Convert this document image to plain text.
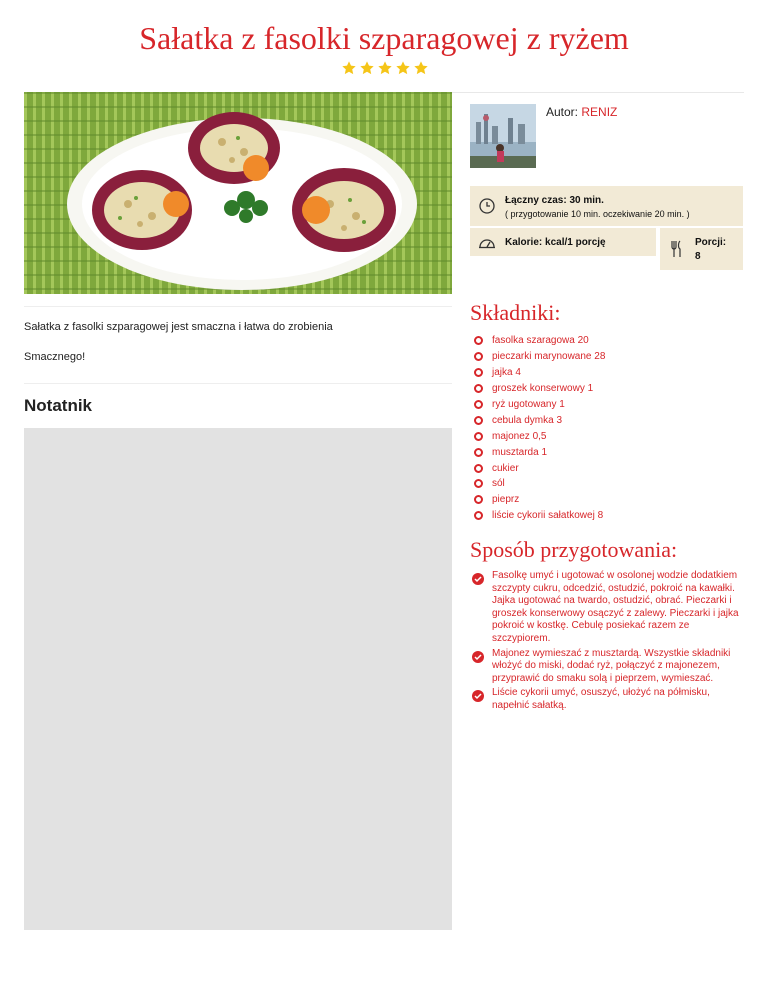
Sałatka z fasolki szparagowej z ryżem
Sałatka z fasolki szparagowej jest smaczna i łatwa do zrobienia
Smacznego!
Notatnik
Autor: RENIZ
Łączny czas: 30 min.
( przygotowanie 10 min. oczekiwanie 20 min. )
Kalorie: kcal/1 porcję	Porcji:
8
Składniki:
fasolka szaragowa 20
pieczarki marynowane 28
jajka 4
groszek konserwowy 1
ryż ugotowany 1
cebula dymka 3
majonez 0,5
musztarda 1
cukier
sól
pieprz
liście cykorii sałatkowej 8
Sposób przygotowania:
Fasolkę umyć i ugotować w osolonej wodzie dodatkiem szczypty cukru, odcedzić, ostudzić, pokroić na kawałki. Jajka ugotować na twardo, ostudzić, obrać. Pieczarki i groszek konserwowy osączyć z zalewy. Pieczarki i jajka pokroić w kostkę. Cebulę posiekać razem ze szczypiorem.
Majonez wymieszać z musztardą. Wszystkie składniki włożyć do miski, dodać ryż, połączyć z majonezem, przyprawić do smaku solą i pieprzem, wymieszać.
Liście cykorii umyć, osuszyć, ułożyć na półmisku, napełnić sałatką.
